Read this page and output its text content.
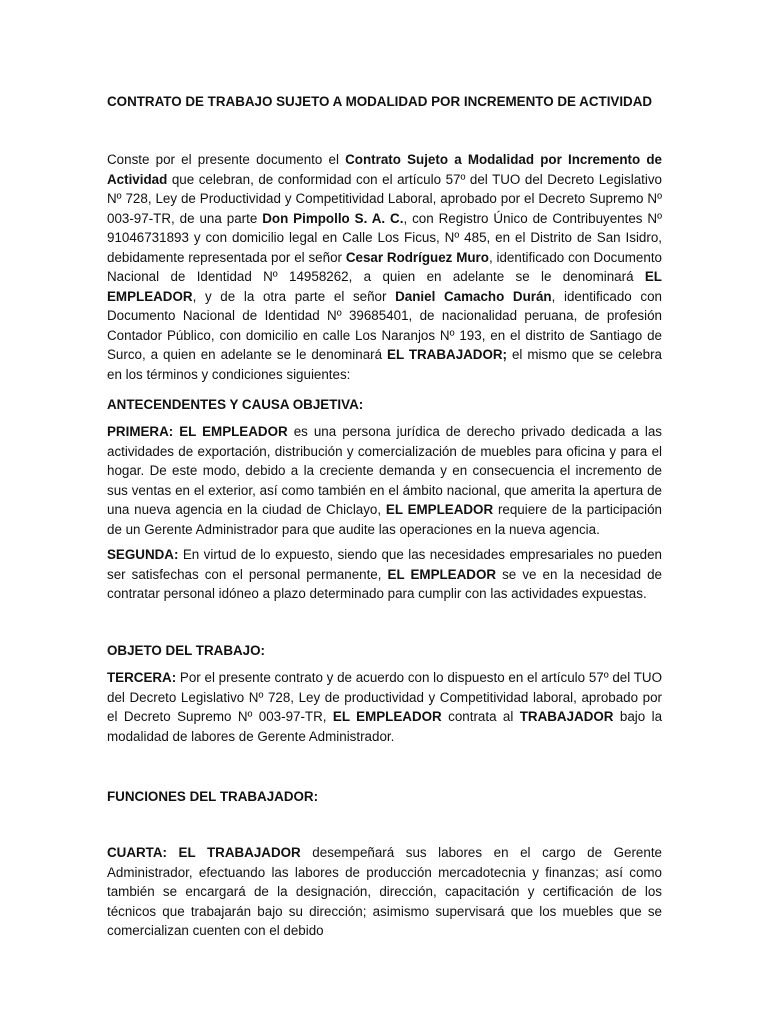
CONTRATO DE TRABAJO SUJETO A MODALIDAD POR INCREMENTO DE ACTIVIDAD

Conste por el presente documento el Contrato Sujeto a Modalidad por Incremento de Actividad que celebran, de conformidad con el artículo 57º del TUO del Decreto Legislativo Nº 728, Ley de Productividad y Competitividad Laboral, aprobado por el Decreto Supremo Nº 003-97-TR, de una parte Don Pimpollo S. A. C., con Registro Único de Contribuyentes Nº 91046731893 y con domicilio legal en Calle Los Ficus, Nº 485, en el Distrito de San Isidro, debidamente representada por el señor Cesar Rodríguez Muro, identificado con Documento Nacional de Identidad Nº 14958262, a quien en adelante se le denominará EL EMPLEADOR, y de la otra parte el señor Daniel Camacho Durán, identificado con Documento Nacional de Identidad Nº 39685401, de nacionalidad peruana, de profesión Contador Público, con domicilio en calle Los Naranjos Nº 193, en el distrito de Santiago de Surco, a quien en adelante se le denominará EL TRABAJADOR; el mismo que se celebra en los términos y condiciones siguientes:

ANTECENDENTES Y CAUSA OBJETIVA:

PRIMERA: EL EMPLEADOR es una persona jurídica de derecho privado dedicada a las actividades de exportación, distribución y comercialización de muebles para oficina y para el hogar. De este modo, debido a la creciente demanda y en consecuencia el incremento de sus ventas en el exterior, así como también en el ámbito nacional, que amerita la apertura de una nueva agencia en la ciudad de Chiclayo, EL EMPLEADOR requiere de la participación de un Gerente Administrador para que audite las operaciones en la nueva agencia.

SEGUNDA: En virtud de lo expuesto, siendo que las necesidades empresariales no pueden ser satisfechas con el personal permanente, EL EMPLEADOR se ve en la necesidad de contratar personal idóneo a plazo determinado para cumplir con las actividades expuestas.

OBJETO DEL TRABAJO:

TERCERA: Por el presente contrato y de acuerdo con lo dispuesto en el artículo 57º del TUO del Decreto Legislativo Nº 728, Ley de productividad y Competitividad laboral, aprobado por el Decreto Supremo Nº 003-97-TR, EL EMPLEADOR contrata al TRABAJADOR bajo la modalidad de labores de Gerente Administrador.

FUNCIONES DEL TRABAJADOR:

CUARTA: EL TRABAJADOR desempeñará sus labores en el cargo de Gerente Administrador, efectuando las labores de producción mercadotecnia y finanzas; así como también se encargará de la designación, dirección, capacitación y certificación de los técnicos que trabajarán bajo su dirección; asimismo supervisará que los muebles que se comercializan cuenten con el debido
